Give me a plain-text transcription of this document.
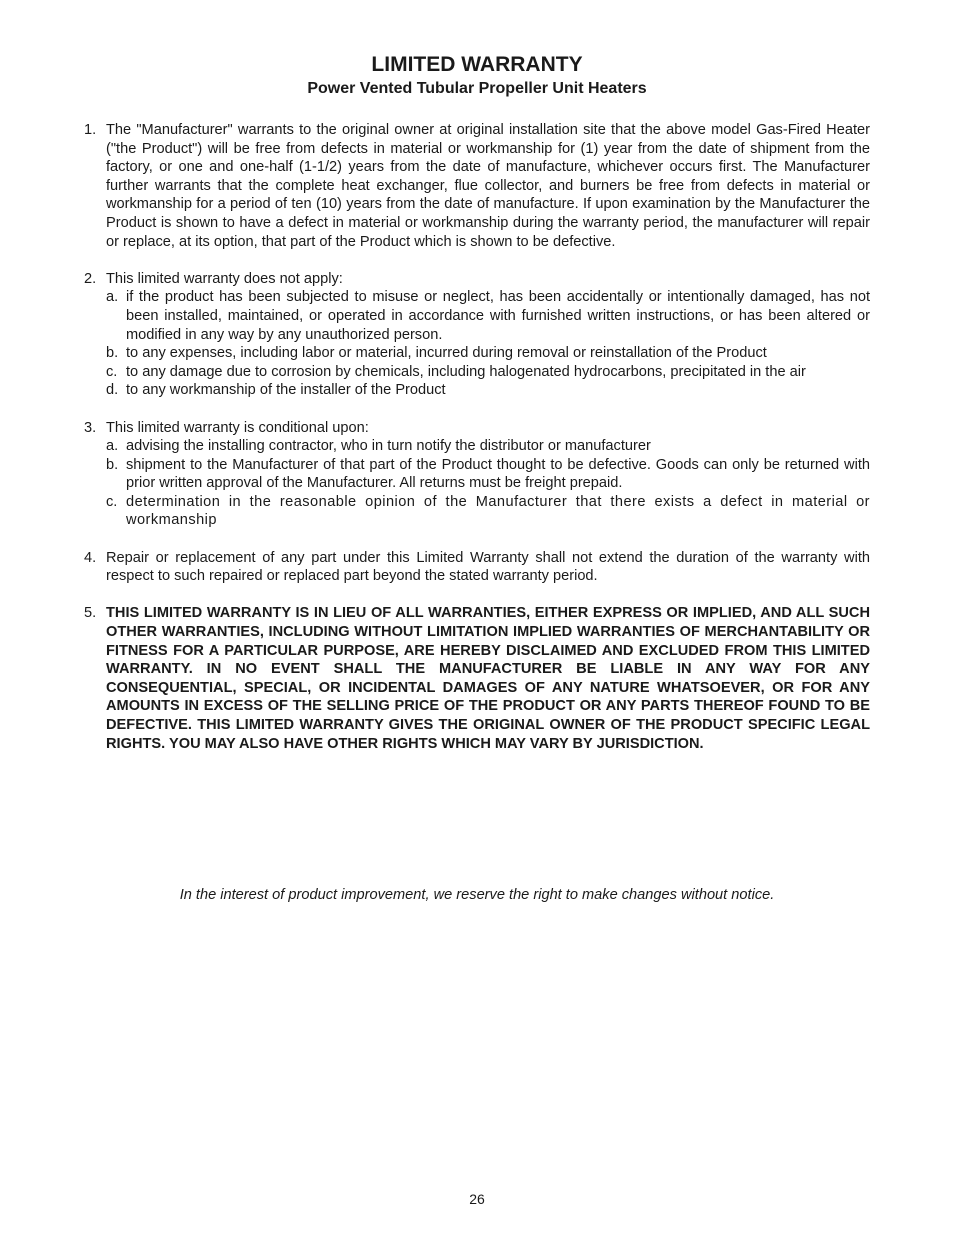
LIMITED WARRANTY
Power Vented Tubular Propeller Unit Heaters
1. The "Manufacturer" warrants to the original owner at original installation site that the above model Gas-Fired Heater ("the Product") will be free from defects in material or workmanship for (1) year from the date of shipment from the factory, or one and one-half (1-1/2) years from the date of manufacture, whichever occurs first. The Manufacturer further warrants that the complete heat exchanger, flue collector, and burners be free from defects in material or workmanship for a period of ten (10) years from the date of manufacture. If upon examination by the Manufacturer the Product is shown to have a defect in material or workmanship during the warranty period, the manufacturer will repair or replace, at its option, that part of the Product which is shown to be defective.
2. This limited warranty does not apply:
a. if the product has been subjected to misuse or neglect, has been accidentally or intentionally damaged, has not been installed, maintained, or operated in accordance with furnished written instructions, or has been altered or modified in any way by any unauthorized person.
b. to any expenses, including labor or material, incurred during removal or reinstallation of the Product
c. to any damage due to corrosion by chemicals, including halogenated hydrocarbons, precipitated in the air
d. to any workmanship of the installer of the Product
3. This limited warranty is conditional upon:
a. advising the installing contractor, who in turn notify the distributor or manufacturer
b. shipment to the Manufacturer of that part of the Product thought to be defective. Goods can only be returned with prior written approval of the Manufacturer. All returns must be freight prepaid.
c. determination in the reasonable opinion of the Manufacturer that there exists a defect in material or workmanship
4. Repair or replacement of any part under this Limited Warranty shall not extend the duration of the warranty with respect to such repaired or replaced part beyond the stated warranty period.
5. THIS LIMITED WARRANTY IS IN LIEU OF ALL WARRANTIES, EITHER EXPRESS OR IMPLIED, AND ALL SUCH OTHER WARRANTIES, INCLUDING WITHOUT LIMITATION IMPLIED WARRANTIES OF MERCHANTABILITY OR FITNESS FOR A PARTICULAR PURPOSE, ARE HEREBY DISCLAIMED AND EXCLUDED FROM THIS LIMITED WARRANTY. IN NO EVENT SHALL THE MANUFACTURER BE LIABLE IN ANY WAY FOR ANY CONSEQUENTIAL, SPECIAL, OR INCIDENTAL DAMAGES OF ANY NATURE WHATSOEVER, OR FOR ANY AMOUNTS IN EXCESS OF THE SELLING PRICE OF THE PRODUCT OR ANY PARTS THEREOF FOUND TO BE DEFECTIVE. THIS LIMITED WARRANTY GIVES THE ORIGINAL OWNER OF THE PRODUCT SPECIFIC LEGAL RIGHTS. YOU MAY ALSO HAVE OTHER RIGHTS WHICH MAY VARY BY JURISDICTION.

In the interest of product improvement, we reserve the right to make changes without notice.

26
